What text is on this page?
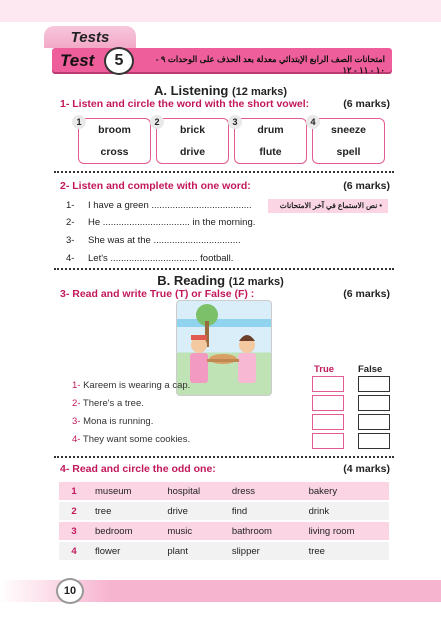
Tests
Test	5	امتحانات الصف الرابع الإبتدائي معدلة بعد الحذف على الوحدات ٩ - ١٠ - ١١ - ١٢
A. Listening (12 marks)
1- Listen and circle the word with the short vowel:	(6 marks)
1
broom
cross
2
brick
drive
3
drum
flute
4
sneeze
spell
2- Listen and complete with one word:	(6 marks)
• نص الاستماع في آخر الامتحانات
1- I have a green ......................................
2- He ................................. in the morning.
3- She was at the .................................
4- Let's ................................. football.
B. Reading (12 marks)
3- Read and write True (T) or False (F) :	(6 marks)
True	False
1- Kareem is wearing a cap.
2- There's a tree.
3- Mona is running.
4- They want some cookies.
4- Read and circle the odd one:	(4 marks)
1	museum	hospital	dress	bakery
2	tree	drive	find	drink
3	bedroom	music	bathroom	living room
4	flower	plant	slipper	tree
10
